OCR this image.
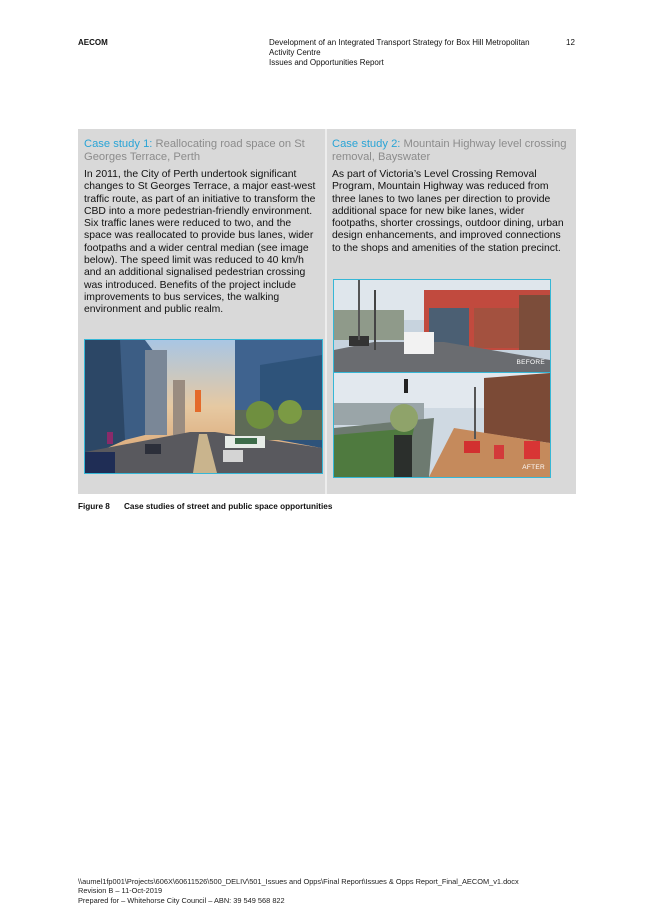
AECOM	Development of an Integrated Transport Strategy for Box Hill Metropolitan
Activity Centre
Issues and Opportunities Report
12

Case study 1: Reallocating road space on St Georges Terrace, Perth

In 2011, the City of Perth undertook significant changes to St Georges Terrace, a major east-west traffic route, as part of an initiative to transform the CBD into a more pedestrian-friendly environment. Six traffic lanes were reduced to two, and the space was reallocated to provide bus lanes, wider footpaths and a wider central median (see image below). The speed limit was reduced to 40 km/h and an additional signalised pedestrian crossing was introduced. Benefits of the project include improvements to bus services, the walking environment and public realm.

Case study 2: Mountain Highway level crossing removal, Bayswater

As part of Victoria’s Level Crossing Removal Program, Mountain Highway was reduced from three lanes to two lanes per direction to provide additional space for new bike lanes, wider footpaths, shorter crossings, outdoor dining, urban design enhancements, and improved connections to the shops and amenities of the station precinct.

BEFORE
AFTER
Figure 8 Case studies of street and public space opportunities
\\aumel1fp001\Projects\606X\60611526\500_DELIV\501_Issues and Opps\Final Report\Issues & Opps Report_Final_AECOM_v1.docx
Revision B – 11-Oct-2019
Prepared for – Whitehorse City Council – ABN: 39 549 568 822
